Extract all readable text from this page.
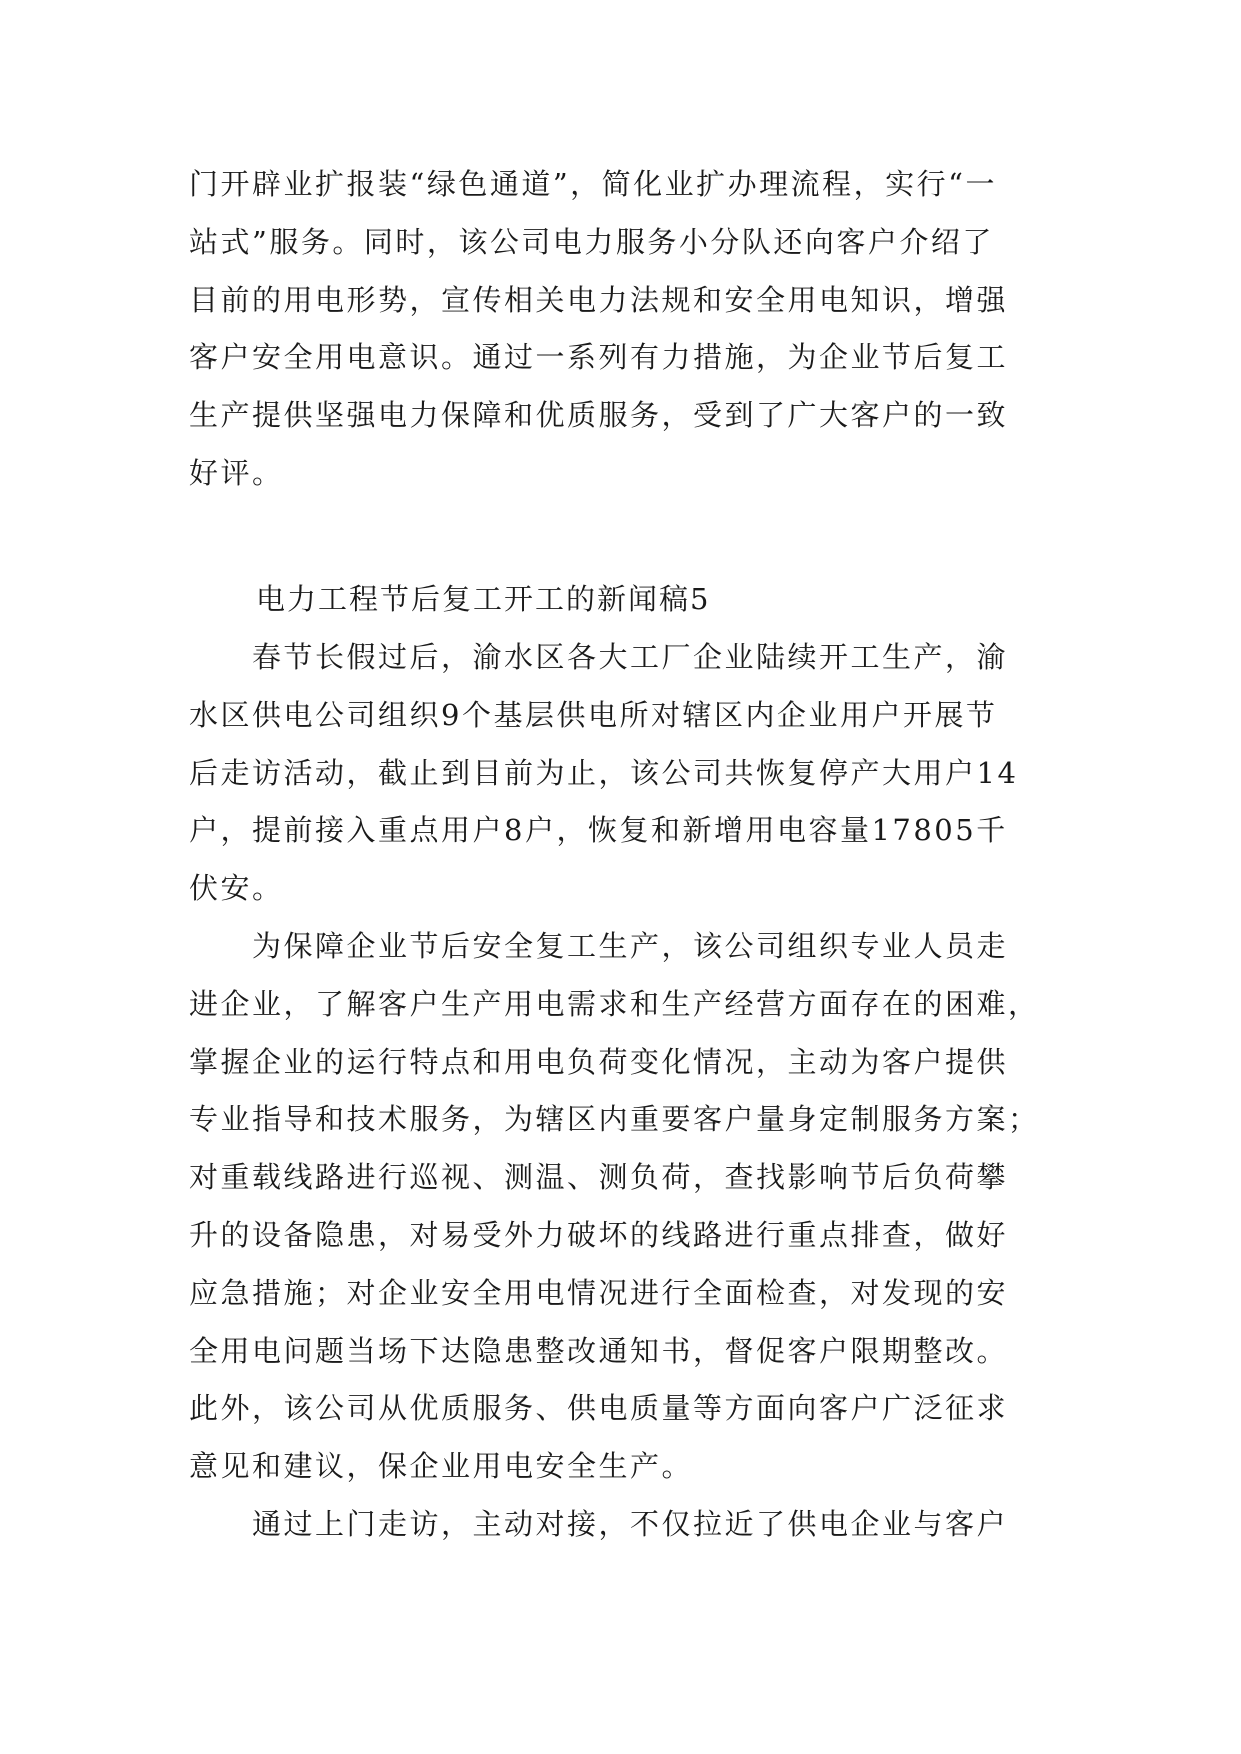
门开辟业扩报装“绿色通道”，简化业扩办理流程，实行“一
站式”服务。同时，该公司电力服务小分队还向客户介绍了
目前的用电形势，宣传相关电力法规和安全用电知识，增强
客户安全用电意识。通过一系列有力措施，为企业节后复工
生产提供坚强电力保障和优质服务，受到了广大客户的一致
好评。
电力工程节后复工开工的新闻稿5
　　春节长假过后，渝水区各大工厂企业陆续开工生产，渝
水区供电公司组织9个基层供电所对辖区内企业用户开展节
后走访活动，截止到目前为止，该公司共恢复停产大用户14
户，提前接入重点用户8户，恢复和新增用电容量17805千
伏安。
　　为保障企业节后安全复工生产，该公司组织专业人员走
进企业，了解客户生产用电需求和生产经营方面存在的困难，
掌握企业的运行特点和用电负荷变化情况，主动为客户提供
专业指导和技术服务，为辖区内重要客户量身定制服务方案；
对重载线路进行巡视、测温、测负荷，查找影响节后负荷攀
升的设备隐患，对易受外力破坏的线路进行重点排查，做好
应急措施；对企业安全用电情况进行全面检查，对发现的安
全用电问题当场下达隐患整改通知书，督促客户限期整改。
此外，该公司从优质服务、供电质量等方面向客户广泛征求
意见和建议，保企业用电安全生产。
　　通过上门走访，主动对接，不仅拉近了供电企业与客户
